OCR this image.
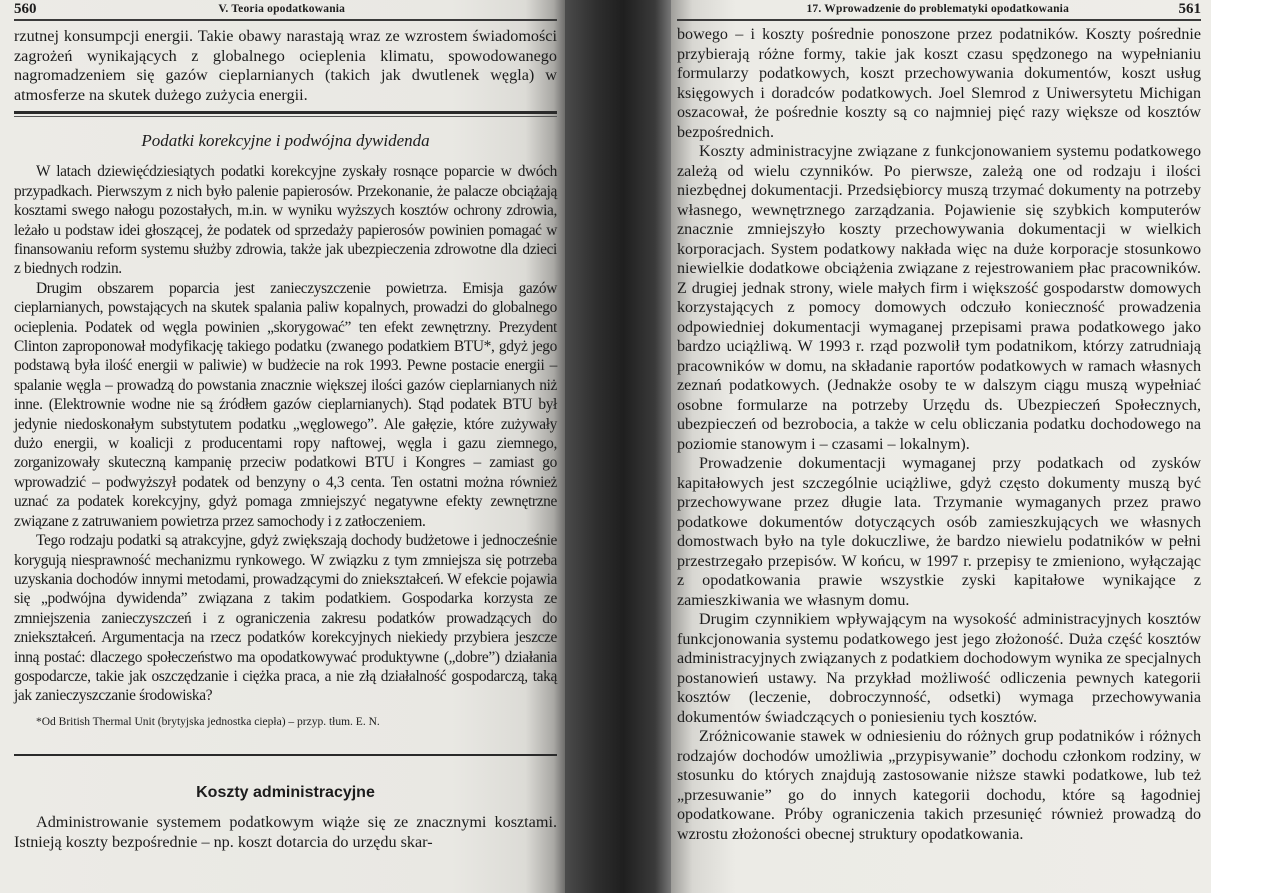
560	V. Teoria opodatkowania

rzutnej konsumpcji energii. Takie obawy narastają wraz ze wzrostem świadomości zagrożeń wynikających z globalnego ocieplenia klimatu, spowodowanego nagromadzeniem się gazów cieplarnianych (takich jak dwutlenek węgla) w atmosferze na skutek dużego zużycia energii.

Podatki korekcyjne i podwójna dywidenda

W latach dziewięćdziesiątych podatki korekcyjne zyskały rosnące poparcie w dwóch przypadkach. Pierwszym z nich było palenie papierosów. Przekonanie, że palacze obciążają kosztami swego nałogu pozostałych, m.in. w wyniku wyższych kosztów ochrony zdrowia, leżało u podstaw idei głoszącej, że podatek od sprzedaży papierosów powinien pomagać w finansowaniu reform systemu służby zdrowia, także jak ubezpieczenia zdrowotne dla dzieci z biednych rodzin.

Drugim obszarem poparcia jest zanieczyszczenie powietrza. Emisja gazów cieplarnianych, powstających na skutek spalania paliw kopalnych, prowadzi do globalnego ocieplenia. Podatek od węgla powinien „skorygować” ten efekt zewnętrzny. Prezydent Clinton zaproponował modyfikację takiego podatku (zwanego podatkiem BTU*, gdyż jego podstawą była ilość energii w paliwie) w budżecie na rok 1993. Pewne postacie energii – spalanie węgla – prowadzą do powstania znacznie większej ilości gazów cieplarnianych niż inne. (Elektrownie wodne nie są źródłem gazów cieplarnianych). Stąd podatek BTU był jedynie niedoskonałym substytutem podatku „węglowego”. Ale gałęzie, które zużywały dużo energii, w koalicji z producentami ropy naftowej, węgla i gazu ziemnego, zorganizowały skuteczną kampanię przeciw podatkowi BTU i Kongres – zamiast go wprowadzić – podwyższył podatek od benzyny o 4,3 centa. Ten ostatni można również uznać za podatek korekcyjny, gdyż pomaga zmniejszyć negatywne efekty zewnętrzne związane z zatruwaniem powietrza przez samochody i z zatłoczeniem.

Tego rodzaju podatki są atrakcyjne, gdyż zwiększają dochody budżetowe i jednocześnie korygują niesprawność mechanizmu rynkowego. W związku z tym zmniejsza się potrzeba uzyskania dochodów innymi metodami, prowadzącymi do zniekształceń. W efekcie pojawia się „podwójna dywidenda” związana z takim podatkiem. Gospodarka korzysta ze zmniejszenia zanieczyszczeń i z ograniczenia zakresu podatków prowadzących do zniekształceń. Argumentacja na rzecz podatków korekcyjnych niekiedy przybiera jeszcze inną postać: dlaczego społeczeństwo ma opodatkowywać produktywne („dobre”) działania gospodarcze, takie jak oszczędzanie i ciężka praca, a nie złą działalność gospodarczą, taką jak zanieczyszczanie środowiska?

*Od British Thermal Unit (brytyjska jednostka ciepła) – przyp. tłum. E. N.
Koszty administracyjne

Administrowanie systemem podatkowym wiąże się ze znacznymi kosztami. Istnieją koszty bezpośrednie – np. koszt dotarcia do urzędu skar-

17. Wprowadzenie do problematyki opodatkowania	561

bowego – i koszty pośrednie ponoszone przez podatników. Koszty pośrednie przybierają różne formy, takie jak koszt czasu spędzonego na wypełnianiu formularzy podatkowych, koszt przechowywania dokumentów, koszt usług księgowych i doradców podatkowych. Joel Slemrod z Uniwersytetu Michigan oszacował, że pośrednie koszty są co najmniej pięć razy większe od kosztów bezpośrednich.

Koszty administracyjne związane z funkcjonowaniem systemu podatkowego zależą od wielu czynników. Po pierwsze, zależą one od rodzaju i ilości niezbędnej dokumentacji. Przedsiębiorcy muszą trzymać dokumenty na potrzeby własnego, wewnętrznego zarządzania. Pojawienie się szybkich komputerów znacznie zmniejszyło koszty przechowywania dokumentacji w wielkich korporacjach. System podatkowy nakłada więc na duże korporacje stosunkowo niewielkie dodatkowe obciążenia związane z rejestrowaniem płac pracowników. Z drugiej jednak strony, wiele małych firm i większość gospodarstw domowych korzystających z pomocy domowych odczuło konieczność prowadzenia odpowiedniej dokumentacji wymaganej przepisami prawa podatkowego jako bardzo uciążliwą. W 1993 r. rząd pozwolił tym podatnikom, którzy zatrudniają pracowników w domu, na składanie raportów podatkowych w ramach własnych zeznań podatkowych. (Jednakże osoby te w dalszym ciągu muszą wypełniać osobne formularze na potrzeby Urzędu ds. Ubezpieczeń Społecznych, ubezpieczeń od bezrobocia, a także w celu obliczania podatku dochodowego na poziomie stanowym i – czasami – lokalnym).

Prowadzenie dokumentacji wymaganej przy podatkach od zysków kapitałowych jest szczególnie uciążliwe, gdyż często dokumenty muszą być przechowywane przez długie lata. Trzymanie wymaganych przez prawo podatkowe dokumentów dotyczących osób zamieszkujących we własnych domostwach było na tyle dokuczliwe, że bardzo niewielu podatników w pełni przestrzegało przepisów. W końcu, w 1997 r. przepisy te zmieniono, wyłączając z opodatkowania prawie wszystkie zyski kapitałowe wynikające z zamieszkiwania we własnym domu.

Drugim czynnikiem wpływającym na wysokość administracyjnych kosztów funkcjonowania systemu podatkowego jest jego złożoność. Duża część kosztów administracyjnych związanych z podatkiem dochodowym wynika ze specjalnych postanowień ustawy. Na przykład możliwość odliczenia pewnych kategorii kosztów (leczenie, dobroczynność, odsetki) wymaga przechowywania dokumentów świadczących o poniesieniu tych kosztów.

Zróżnicowanie stawek w odniesieniu do różnych grup podatników i różnych rodzajów dochodów umożliwia „przypisywanie” dochodu członkom rodziny, w stosunku do których znajdują zastosowanie niższe stawki podatkowe, lub też „przesuwanie” go do innych kategorii dochodu, które są łagodniej opodatkowane. Próby ograniczenia takich przesunięć również prowadzą do wzrostu złożoności obecnej struktury opodatkowania.
